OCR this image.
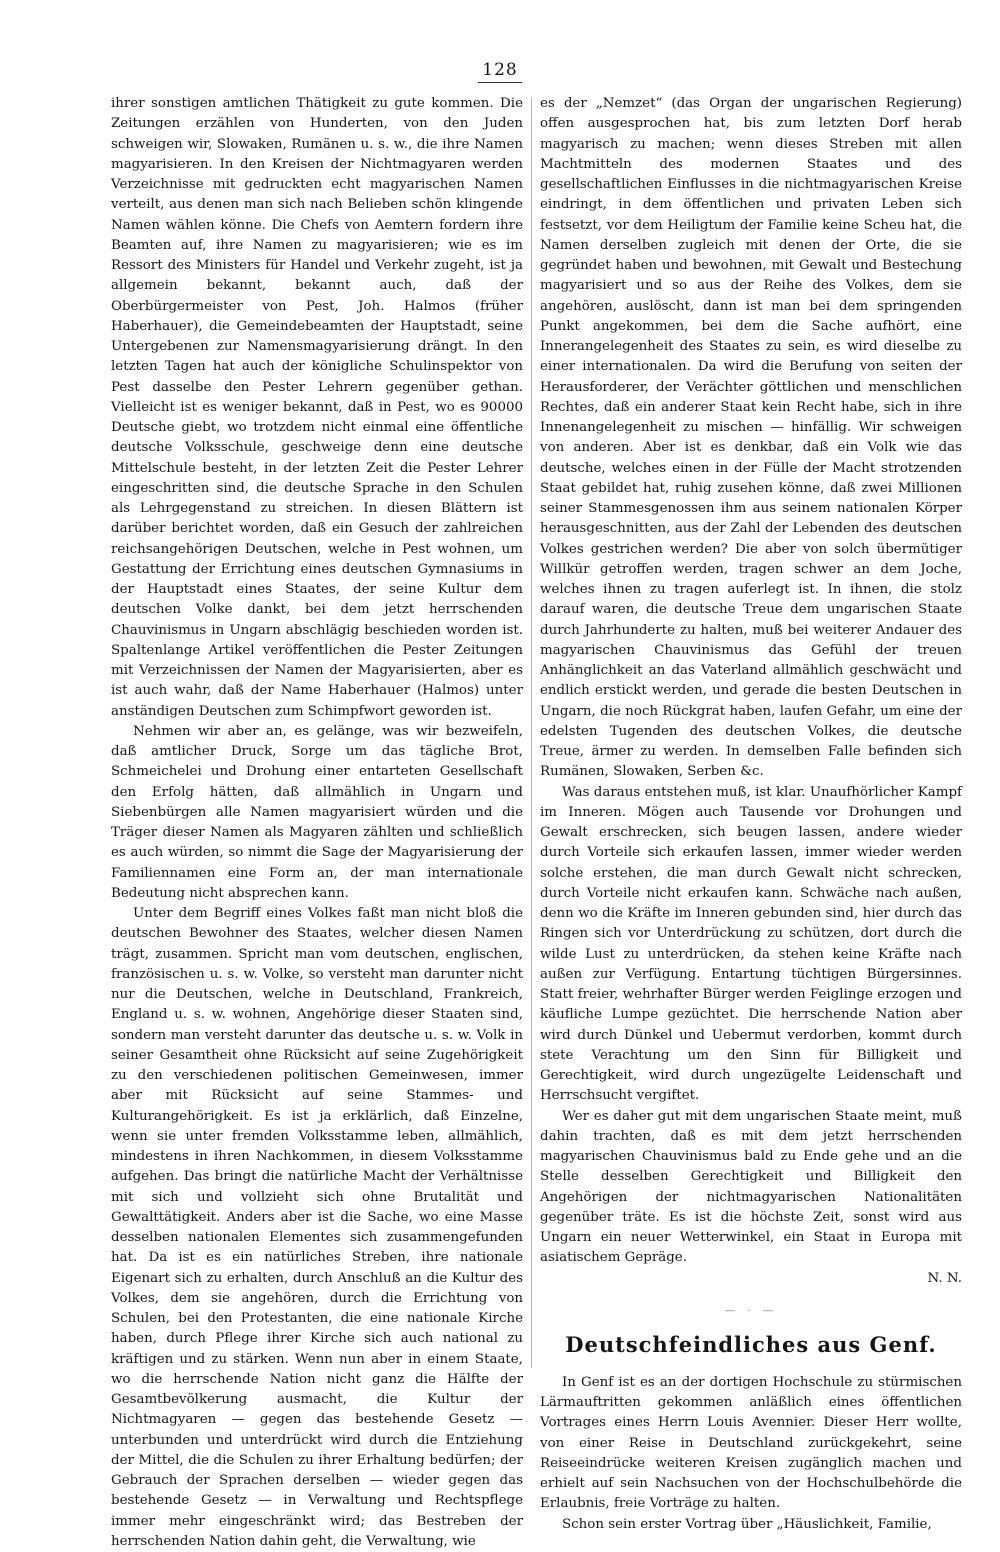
128

ihrer sonstigen amtlichen Thätigkeit zu gute kommen. Die Zeitungen erzählen von Hunderten, von den Juden schweigen wir, Slowaken, Rumänen u. s. w., die ihre Namen magyarisieren. In den Kreisen der Nichtmagyaren werden Verzeichnisse mit gedruckten echt magyarischen Namen verteilt, aus denen man sich nach Belieben schön klingende Namen wählen könne. Die Chefs von Aemtern fordern ihre Beamten auf, ihre Namen zu magyarisieren; wie es im Ressort des Ministers für Handel und Verkehr zugeht, ist ja allgemein bekannt, bekannt auch, daß der Oberbürgermeister von Pest, Joh. Halmos (früher Haberhauer), die Gemeindebeamten der Hauptstadt, seine Untergebenen zur Namensmagyarisierung drängt. In den letzten Tagen hat auch der königliche Schulinspektor von Pest dasselbe den Pester Lehrern gegenüber gethan. Vielleicht ist es weniger bekannt, daß in Pest, wo es 90000 Deutsche giebt, wo trotzdem nicht einmal eine öffentliche deutsche Volksschule, geschweige denn eine deutsche Mittelschule besteht, in der letzten Zeit die Pester Lehrer eingeschritten sind, die deutsche Sprache in den Schulen als Lehrgegenstand zu streichen. In diesen Blättern ist darüber berichtet worden, daß ein Gesuch der zahlreichen reichsangehörigen Deutschen, welche in Pest wohnen, um Gestattung der Errichtung eines deutschen Gymnasiums in der Hauptstadt eines Staates, der seine Kultur dem deutschen Volke dankt, bei dem jetzt herrschenden Chauvinismus in Ungarn abschlägig beschieden worden ist. Spaltenlange Artikel veröffentlichen die Pester Zeitungen mit Verzeichnissen der Namen der Magyarisierten, aber es ist auch wahr, daß der Name Haberhauer (Halmos) unter anständigen Deutschen zum Schimpfwort geworden ist.

Nehmen wir aber an, es gelänge, was wir bezweifeln, daß amtlicher Druck, Sorge um das tägliche Brot, Schmeichelei und Drohung einer entarteten Gesellschaft den Erfolg hätten, daß allmählich in Ungarn und Siebenbürgen alle Namen magyarisiert würden und die Träger dieser Namen als Magyaren zählten und schließlich es auch würden, so nimmt die Sage der Magyarisierung der Familiennamen eine Form an, der man internationale Bedeutung nicht absprechen kann.

Unter dem Begriff eines Volkes faßt man nicht bloß die deutschen Bewohner des Staates, welcher diesen Namen trägt, zusammen. Spricht man vom deutschen, englischen, französischen u. s. w. Volke, so versteht man darunter nicht nur die Deutschen, welche in Deutschland, Frankreich, England u. s. w. wohnen, Angehörige dieser Staaten sind, sondern man versteht darunter das deutsche u. s. w. Volk in seiner Gesamtheit ohne Rücksicht auf seine Zugehörigkeit zu den verschiedenen politischen Gemeinwesen, immer aber mit Rücksicht auf seine Stammes- und Kulturangehörigkeit. Es ist ja erklärlich, daß Einzelne, wenn sie unter fremden Volksstamme leben, allmählich, mindestens in ihren Nachkommen, in diesem Volksstamme aufgehen. Das bringt die natürliche Macht der Verhältnisse mit sich und vollzieht sich ohne Brutalität und Gewalttätigkeit. Anders aber ist die Sache, wo eine Masse desselben nationalen Elementes sich zusammengefunden hat. Da ist es ein natürliches Streben, ihre nationale Eigenart sich zu erhalten, durch Anschluß an die Kultur des Volkes, dem sie angehören, durch die Errichtung von Schulen, bei den Protestanten, die eine nationale Kirche haben, durch Pflege ihrer Kirche sich auch national zu kräftigen und zu stärken. Wenn nun aber in einem Staate, wo die herrschende Nation nicht ganz die Hälfte der Gesamtbevölkerung ausmacht, die Kultur der Nichtmagyaren — gegen das bestehende Gesetz — unterbunden und unterdrückt wird durch die Entziehung der Mittel, die die Schulen zu ihrer Erhaltung bedürfen; der Gebrauch der Sprachen derselben — wieder gegen das bestehende Gesetz — in Verwaltung und Rechtspflege immer mehr eingeschränkt wird; das Bestreben der herrschenden Nation dahin geht, die Verwaltung, wie

es der „Nemzet“ (das Organ der ungarischen Regierung) offen ausgesprochen hat, bis zum letzten Dorf herab magyarisch zu machen; wenn dieses Streben mit allen Machtmitteln des modernen Staates und des gesellschaftlichen Einflusses in die nichtmagyarischen Kreise eindringt, in dem öffentlichen und privaten Leben sich festsetzt, vor dem Heiligtum der Familie keine Scheu hat, die Namen derselben zugleich mit denen der Orte, die sie gegründet haben und bewohnen, mit Gewalt und Bestechung magyarisiert und so aus der Reihe des Volkes, dem sie angehören, auslöscht, dann ist man bei dem springenden Punkt angekommen, bei dem die Sache aufhört, eine Innerangelegenheit des Staates zu sein, es wird dieselbe zu einer internationalen. Da wird die Berufung von seiten der Herausforderer, der Verächter göttlichen und menschlichen Rechtes, daß ein anderer Staat kein Recht habe, sich in ihre Innenangelegenheit zu mischen — hinfällig. Wir schweigen von anderen. Aber ist es denkbar, daß ein Volk wie das deutsche, welches einen in der Fülle der Macht strotzenden Staat gebildet hat, ruhig zusehen könne, daß zwei Millionen seiner Stammesgenossen ihm aus seinem nationalen Körper herausgeschnitten, aus der Zahl der Lebenden des deutschen Volkes gestrichen werden? Die aber von solch übermütiger Willkür getroffen werden, tragen schwer an dem Joche, welches ihnen zu tragen auferlegt ist. In ihnen, die stolz darauf waren, die deutsche Treue dem ungarischen Staate durch Jahrhunderte zu halten, muß bei weiterer Andauer des magyarischen Chauvinismus das Gefühl der treuen Anhänglichkeit an das Vaterland allmählich geschwächt und endlich erstickt werden, und gerade die besten Deutschen in Ungarn, die noch Rückgrat haben, laufen Gefahr, um eine der edelsten Tugenden des deutschen Volkes, die deutsche Treue, ärmer zu werden. In demselben Falle befinden sich Rumänen, Slowaken, Serben &c.

Was daraus entstehen muß, ist klar. Unaufhörlicher Kampf im Inneren. Mögen auch Tausende vor Drohungen und Gewalt erschrecken, sich beugen lassen, andere wieder durch Vorteile sich erkaufen lassen, immer wieder werden solche erstehen, die man durch Gewalt nicht schrecken, durch Vorteile nicht erkaufen kann. Schwäche nach außen, denn wo die Kräfte im Inneren gebunden sind, hier durch das Ringen sich vor Unterdrückung zu schützen, dort durch die wilde Lust zu unterdrücken, da stehen keine Kräfte nach außen zur Verfügung. Entartung tüchtigen Bürgersinnes. Statt freier, wehrhafter Bürger werden Feiglinge erzogen und käufliche Lumpe gezüchtet. Die herrschende Nation aber wird durch Dünkel und Uebermut verdorben, kommt durch stete Verachtung um den Sinn für Billigkeit und Gerechtigkeit, wird durch ungezügelte Leidenschaft und Herrschsucht vergiftet.

Wer es daher gut mit dem ungarischen Staate meint, muß dahin trachten, daß es mit dem jetzt herrschenden magyarischen Chauvinismus bald zu Ende gehe und an die Stelle desselben Gerechtigkeit und Billigkeit den Angehörigen der nichtmagyarischen Nationalitäten gegenüber träte. Es ist die höchste Zeit, sonst wird aus Ungarn ein neuer Wetterwinkel, ein Staat in Europa mit asiatischem Gepräge.

N. N.
— · —
Deutschfeindliches aus Genf.

In Genf ist es an der dortigen Hochschule zu stürmischen Lärmauftritten gekommen anläßlich eines öffentlichen Vortrages eines Herrn Louis Avennier. Dieser Herr wollte, von einer Reise in Deutschland zurückgekehrt, seine Reiseeindrücke weiteren Kreisen zugänglich machen und erhielt auf sein Nachsuchen von der Hochschulbehörde die Erlaubnis, freie Vorträge zu halten.

Schon sein erster Vortrag über „Häuslichkeit, Familie,
